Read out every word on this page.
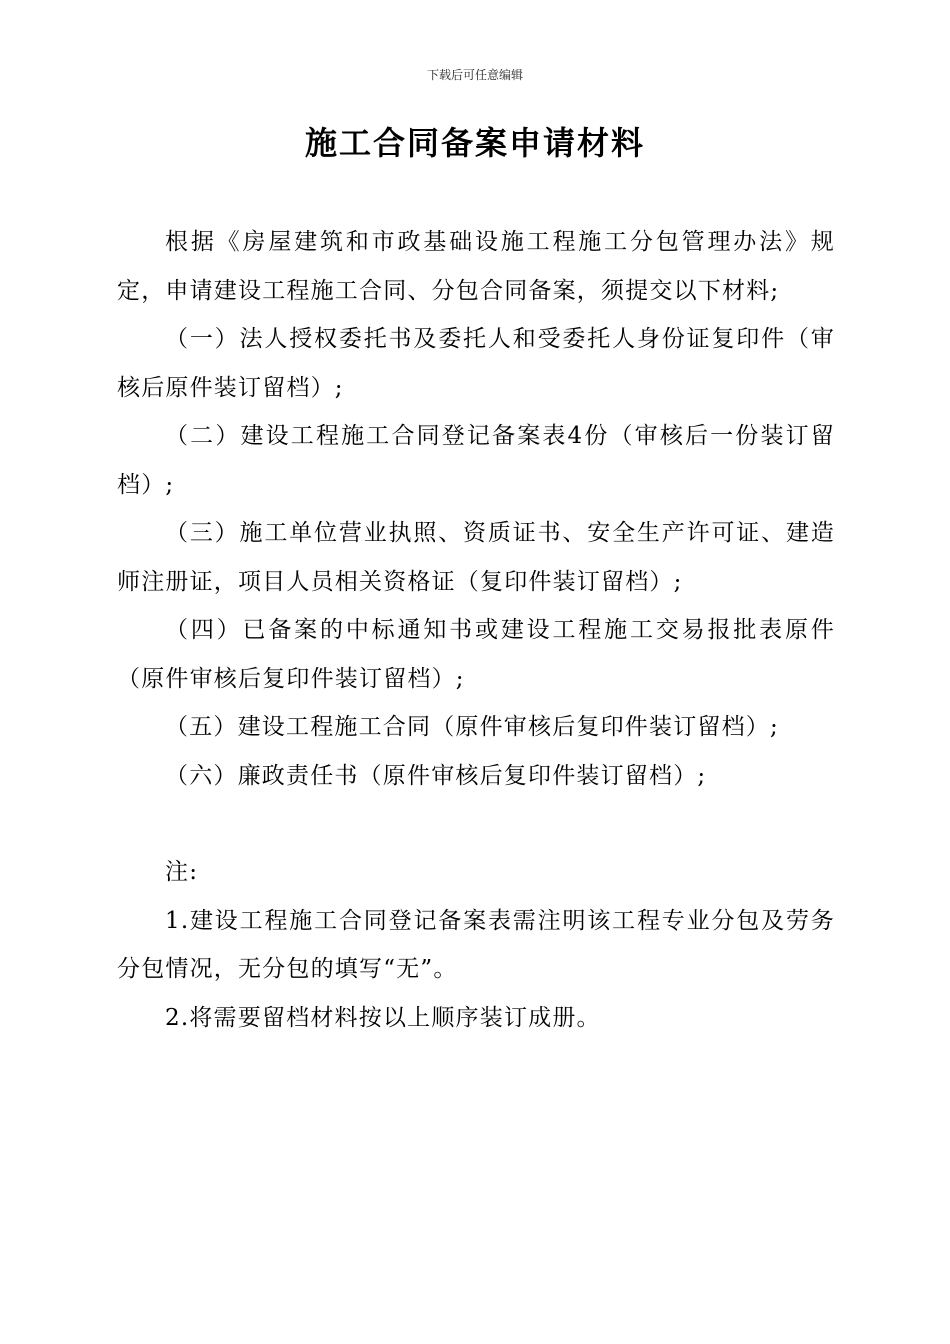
下载后可任意编辑
施工合同备案申请材料

根据《房屋建筑和市政基础设施工程施工分包管理办法》规定，申请建设工程施工合同、分包合同备案，须提交以下材料;

（一）法人授权委托书及委托人和受委托人身份证复印件（审核后原件装订留档）;

（二）建设工程施工合同登记备案表4份（审核后一份装订留档）;

（三）施工单位营业执照、资质证书、安全生产许可证、建造师注册证，项目人员相关资格证（复印件装订留档）;

（四）已备案的中标通知书或建设工程施工交易报批表原件（原件审核后复印件装订留档）;

（五）建设工程施工合同（原件审核后复印件装订留档）;

（六）廉政责任书（原件审核后复印件装订留档）;

注:

1.建设工程施工合同登记备案表需注明该工程专业分包及劳务分包情况，无分包的填写“无”。

2.将需要留档材料按以上顺序装订成册。
